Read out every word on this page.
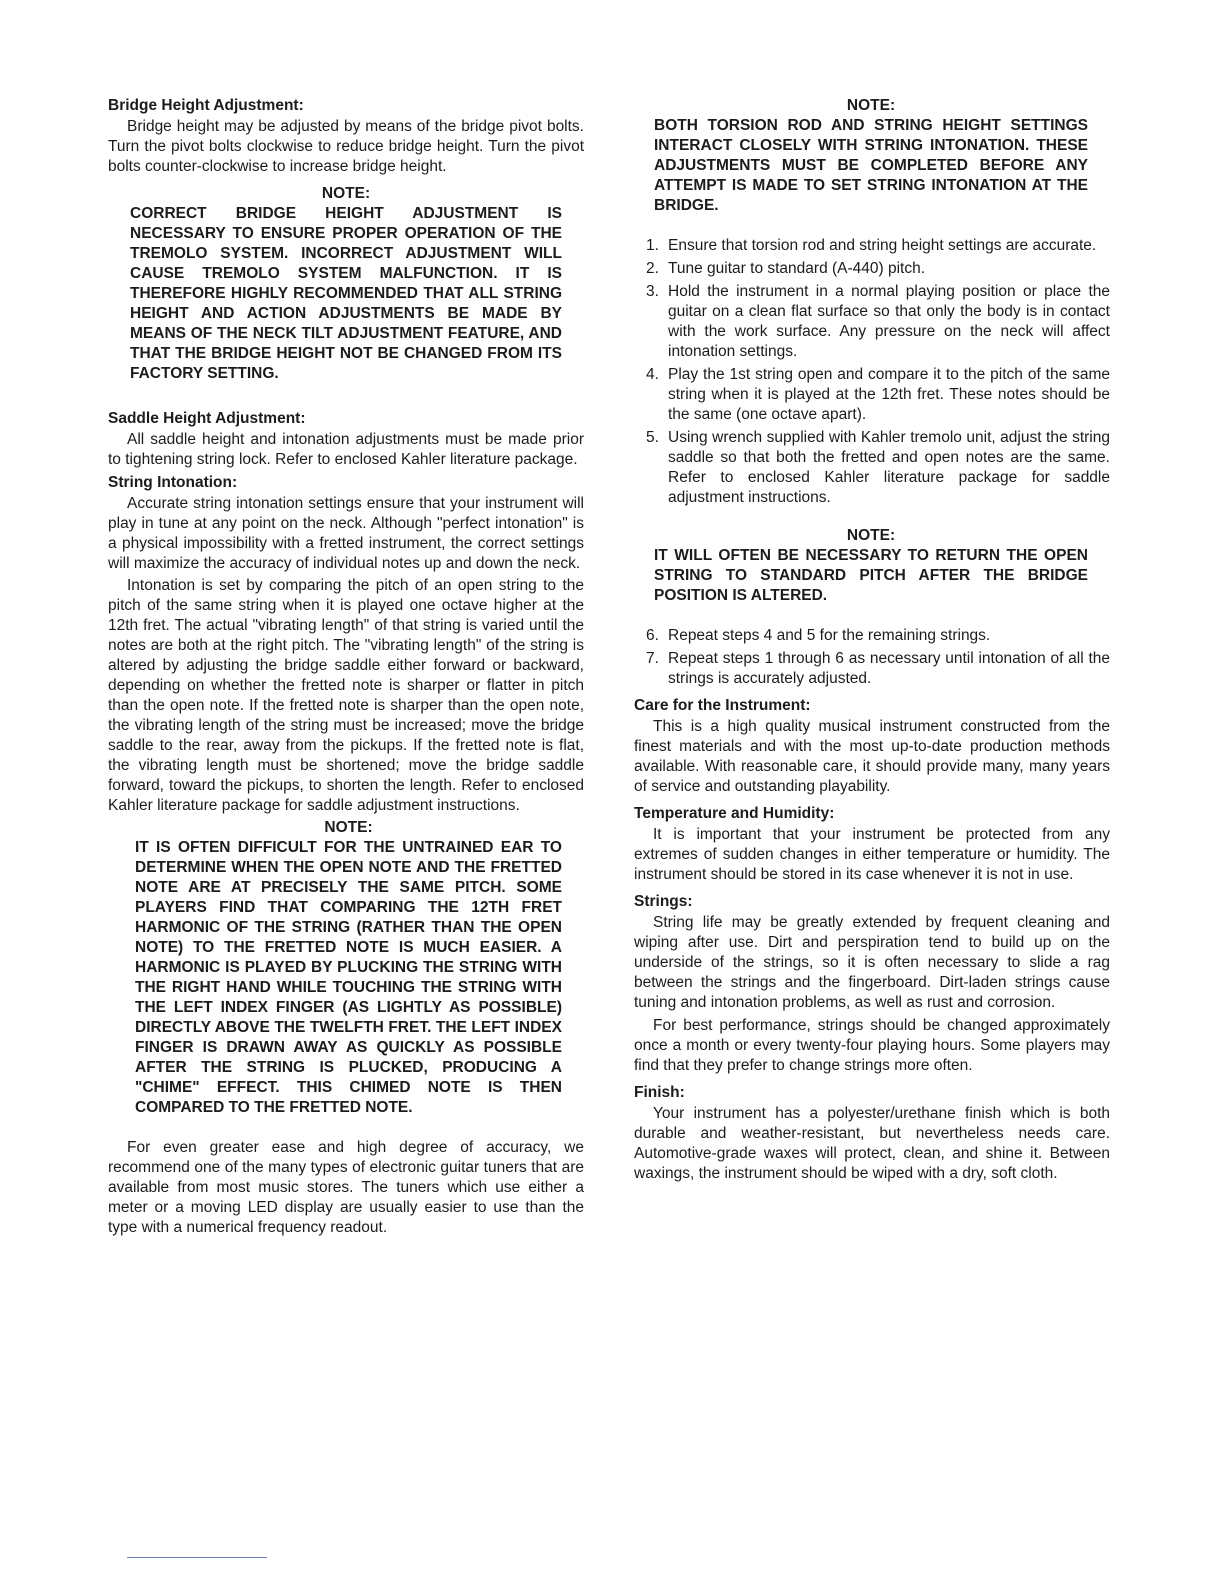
Bridge Height Adjustment:

Bridge height may be adjusted by means of the bridge pivot bolts. Turn the pivot bolts clockwise to reduce bridge height. Turn the pivot bolts counter-clockwise to increase bridge height.

NOTE:
CORRECT BRIDGE HEIGHT ADJUSTMENT IS NECESSARY TO ENSURE PROPER OPERATION OF THE TREMOLO SYSTEM. INCORRECT ADJUSTMENT WILL CAUSE TREMOLO SYSTEM MALFUNCTION. IT IS THEREFORE HIGHLY RECOMMENDED THAT ALL STRING HEIGHT AND ACTION ADJUSTMENTS BE MADE BY MEANS OF THE NECK TILT ADJUSTMENT FEATURE, AND THAT THE BRIDGE HEIGHT NOT BE CHANGED FROM ITS FACTORY SETTING.
Saddle Height Adjustment:

All saddle height and intonation adjustments must be made prior to tightening string lock. Refer to enclosed Kahler literature package.

String Intonation:

Accurate string intonation settings ensure that your instrument will play in tune at any point on the neck. Although "perfect intonation" is a physical impossibility with a fretted instrument, the correct settings will maximize the accuracy of individual notes up and down the neck.

Intonation is set by comparing the pitch of an open string to the pitch of the same string when it is played one octave higher at the 12th fret. The actual "vibrating length" of that string is varied until the notes are both at the right pitch. The "vibrating length" of the string is altered by adjusting the bridge saddle either forward or backward, depending on whether the fretted note is sharper or flatter in pitch than the open note. If the fretted note is sharper than the open note, the vibrating length of the string must be increased; move the bridge saddle to the rear, away from the pickups. If the fretted note is flat, the vibrating length must be shortened; move the bridge saddle forward, toward the pickups, to shorten the length. Refer to enclosed Kahler literature package for saddle adjustment instructions.

NOTE:
IT IS OFTEN DIFFICULT FOR THE UNTRAINED EAR TO DETERMINE WHEN THE OPEN NOTE AND THE FRETTED NOTE ARE AT PRECISELY THE SAME PITCH. SOME PLAYERS FIND THAT COMPARING THE 12TH FRET HARMONIC OF THE STRING (RATHER THAN THE OPEN NOTE) TO THE FRETTED NOTE IS MUCH EASIER. A HARMONIC IS PLAYED BY PLUCKING THE STRING WITH THE RIGHT HAND WHILE TOUCHING THE STRING WITH THE LEFT INDEX FINGER (AS LIGHTLY AS POSSIBLE) DIRECTLY ABOVE THE TWELFTH FRET. THE LEFT INDEX FINGER IS DRAWN AWAY AS QUICKLY AS POSSIBLE AFTER THE STRING IS PLUCKED, PRODUCING A "CHIME" EFFECT. THIS CHIMED NOTE IS THEN COMPARED TO THE FRETTED NOTE.

For even greater ease and high degree of accuracy, we recommend one of the many types of electronic guitar tuners that are available from most music stores. The tuners which use either a meter or a moving LED display are usually easier to use than the type with a numerical frequency readout.

NOTE:
BOTH TORSION ROD AND STRING HEIGHT SETTINGS INTERACT CLOSELY WITH STRING INTONATION. THESE ADJUSTMENTS MUST BE COMPLETED BEFORE ANY ATTEMPT IS MADE TO SET STRING INTONATION AT THE BRIDGE.
1. Ensure that torsion rod and string height settings are accurate.
2. Tune guitar to standard (A-440) pitch.
3. Hold the instrument in a normal playing position or place the guitar on a clean flat surface so that only the body is in contact with the work surface. Any pressure on the neck will affect intonation settings.
4. Play the 1st string open and compare it to the pitch of the same string when it is played at the 12th fret. These notes should be the same (one octave apart).
5. Using wrench supplied with Kahler tremolo unit, adjust the string saddle so that both the fretted and open notes are the same. Refer to enclosed Kahler literature package for saddle adjustment instructions.
NOTE:
IT WILL OFTEN BE NECESSARY TO RETURN THE OPEN STRING TO STANDARD PITCH AFTER THE BRIDGE POSITION IS ALTERED.
6. Repeat steps 4 and 5 for the remaining strings.
7. Repeat steps 1 through 6 as necessary until intonation of all the strings is accurately adjusted.
Care for the Instrument:

This is a high quality musical instrument constructed from the finest materials and with the most up-to-date production methods available. With reasonable care, it should provide many, many years of service and outstanding playability.

Temperature and Humidity:

It is important that your instrument be protected from any extremes of sudden changes in either temperature or humidity. The instrument should be stored in its case whenever it is not in use.

Strings:

String life may be greatly extended by frequent cleaning and wiping after use. Dirt and perspiration tend to build up on the underside of the strings, so it is often necessary to slide a rag between the strings and the fingerboard. Dirt-laden strings cause tuning and intonation problems, as well as rust and corrosion.

For best performance, strings should be changed approximately once a month or every twenty-four playing hours. Some players may find that they prefer to change strings more often.

Finish:

Your instrument has a polyester/urethane finish which is both durable and weather-resistant, but nevertheless needs care. Automotive-grade waxes will protect, clean, and shine it. Between waxings, the instrument should be wiped with a dry, soft cloth.
